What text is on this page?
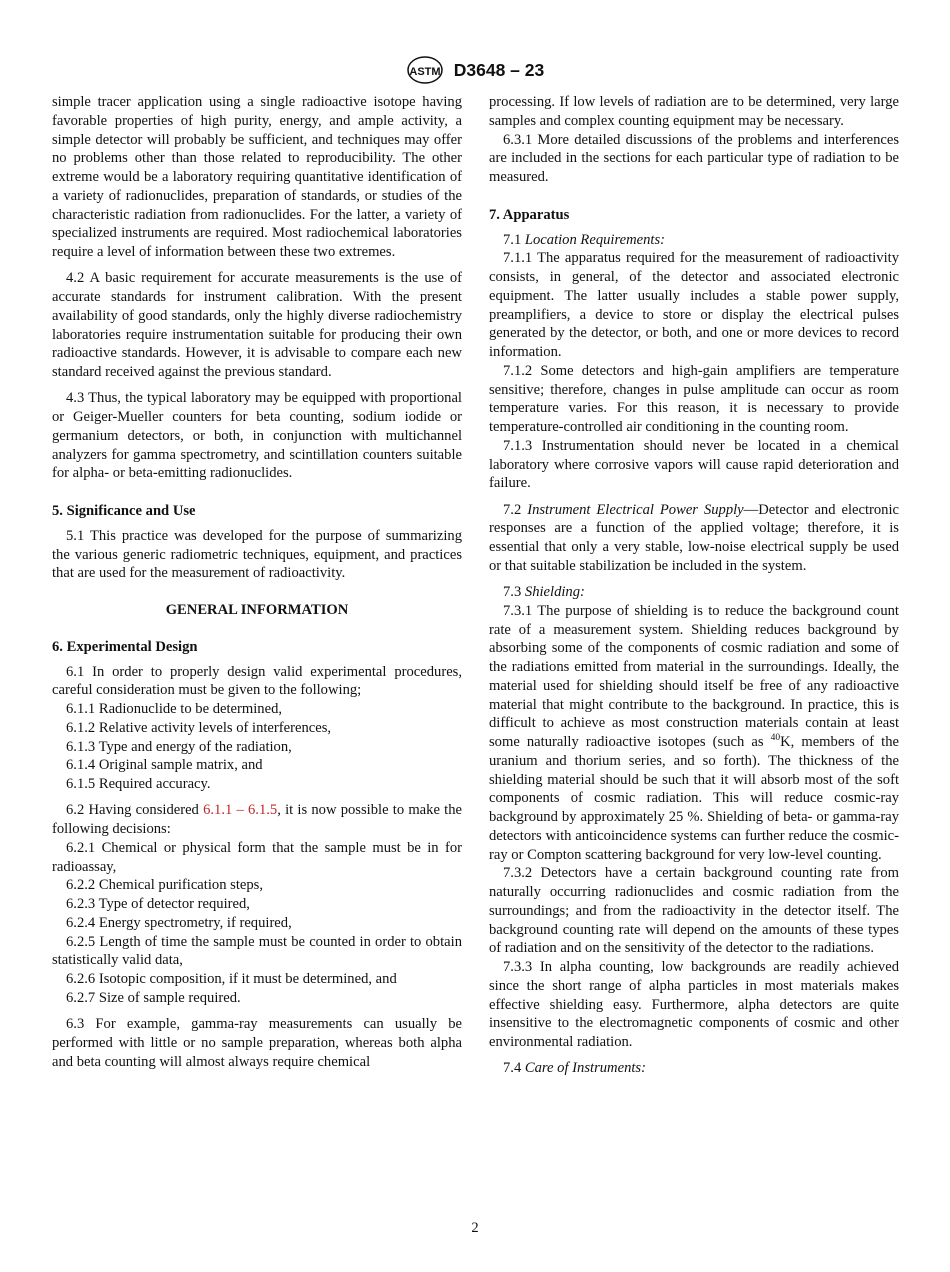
ASTM D3648 – 23

simple tracer application using a single radioactive isotope having favorable properties of high purity, energy, and ample activity, a simple detector will probably be sufficient, and techniques may offer no problems other than those related to reproducibility. The other extreme would be a laboratory requiring quantitative identification of a variety of radionuclides, preparation of standards, or studies of the characteristic radiation from radionuclides. For the latter, a variety of specialized instruments are required. Most radiochemical laboratories require a level of information between these two extremes.

4.2 A basic requirement for accurate measurements is the use of accurate standards for instrument calibration. With the present availability of good standards, only the highly diverse radiochemistry laboratories require instrumentation suitable for producing their own radioactive standards. However, it is advisable to compare each new standard received against the previous standard.

4.3 Thus, the typical laboratory may be equipped with proportional or Geiger-Mueller counters for beta counting, sodium iodide or germanium detectors, or both, in conjunction with multichannel analyzers for gamma spectrometry, and scintillation counters suitable for alpha- or beta-emitting radionuclides.

5. Significance and Use

5.1 This practice was developed for the purpose of summarizing the various generic radiometric techniques, equipment, and practices that are used for the measurement of radioactivity.

GENERAL INFORMATION
6. Experimental Design

6.1 In order to properly design valid experimental procedures, careful consideration must be given to the following;

6.1.1 Radionuclide to be determined,

6.1.2 Relative activity levels of interferences,

6.1.3 Type and energy of the radiation,

6.1.4 Original sample matrix, and

6.1.5 Required accuracy.

6.2 Having considered 6.1.1 – 6.1.5, it is now possible to make the following decisions:

6.2.1 Chemical or physical form that the sample must be in for radioassay,

6.2.2 Chemical purification steps,

6.2.3 Type of detector required,

6.2.4 Energy spectrometry, if required,

6.2.5 Length of time the sample must be counted in order to obtain statistically valid data,

6.2.6 Isotopic composition, if it must be determined, and

6.2.7 Size of sample required.

6.3 For example, gamma-ray measurements can usually be performed with little or no sample preparation, whereas both alpha and beta counting will almost always require chemical

processing. If low levels of radiation are to be determined, very large samples and complex counting equipment may be necessary.

6.3.1 More detailed discussions of the problems and interferences are included in the sections for each particular type of radiation to be measured.

7. Apparatus

7.1 Location Requirements:

7.1.1 The apparatus required for the measurement of radioactivity consists, in general, of the detector and associated electronic equipment. The latter usually includes a stable power supply, preamplifiers, a device to store or display the electrical pulses generated by the detector, or both, and one or more devices to record information.

7.1.2 Some detectors and high-gain amplifiers are temperature sensitive; therefore, changes in pulse amplitude can occur as room temperature varies. For this reason, it is necessary to provide temperature-controlled air conditioning in the counting room.

7.1.3 Instrumentation should never be located in a chemical laboratory where corrosive vapors will cause rapid deterioration and failure.

7.2 Instrument Electrical Power Supply—Detector and electronic responses are a function of the applied voltage; therefore, it is essential that only a very stable, low-noise electrical supply be used or that suitable stabilization be included in the system.

7.3 Shielding:

7.3.1 The purpose of shielding is to reduce the background count rate of a measurement system. Shielding reduces background by absorbing some of the components of cosmic radiation and some of the radiations emitted from material in the surroundings. Ideally, the material used for shielding should itself be free of any radioactive material that might contribute to the background. In practice, this is difficult to achieve as most construction materials contain at least some naturally radioactive isotopes (such as $^{40}$K, members of the uranium and thorium series, and so forth). The thickness of the shielding material should be such that it will absorb most of the soft components of cosmic radiation. This will reduce cosmic-ray background by approximately 25 %. Shielding of beta- or gamma-ray detectors with anticoincidence systems can further reduce the cosmic-ray or Compton scattering background for very low-level counting.

7.3.2 Detectors have a certain background counting rate from naturally occurring radionuclides and cosmic radiation from the surroundings; and from the radioactivity in the detector itself. The background counting rate will depend on the amounts of these types of radiation and on the sensitivity of the detector to the radiations.

7.3.3 In alpha counting, low backgrounds are readily achieved since the short range of alpha particles in most materials makes effective shielding easy. Furthermore, alpha detectors are quite insensitive to the electromagnetic components of cosmic and other environmental radiation.

7.4 Care of Instruments:

2
